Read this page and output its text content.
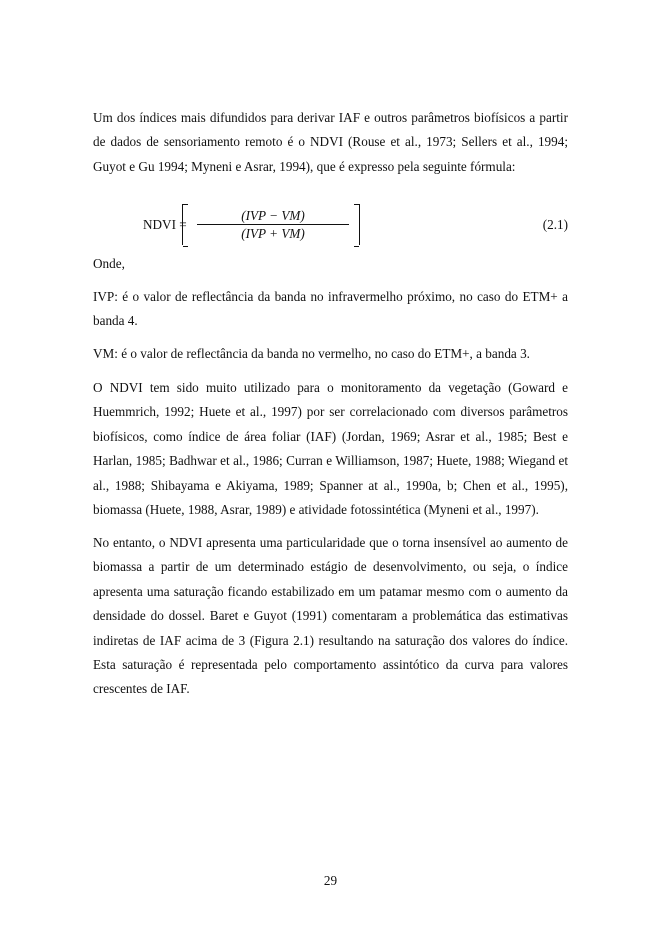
Um dos índices mais difundidos para derivar IAF e outros parâmetros biofísicos a partir de dados de sensoriamento remoto é o NDVI (Rouse et al., 1973; Sellers et al., 1994; Guyot e Gu 1994; Myneni e Asrar, 1994), que é expresso pela seguinte fórmula:

NDVI =
(IVP − VM)
(IVP + VM)
(2.1)

Onde,

IVP: é o valor de reflectância da banda no infravermelho próximo, no caso do ETM+ a banda 4.

VM: é o valor de reflectância da banda no vermelho, no caso do ETM+, a banda 3.

O NDVI tem sido muito utilizado para o monitoramento da vegetação (Goward e Huemmrich, 1992; Huete et al., 1997) por ser correlacionado com diversos parâmetros biofísicos, como índice de área foliar (IAF) (Jordan, 1969; Asrar et al., 1985; Best e Harlan, 1985; Badhwar et al., 1986; Curran e Williamson, 1987; Huete, 1988; Wiegand et al., 1988; Shibayama e Akiyama, 1989; Spanner at al., 1990a, b; Chen et al., 1995), biomassa (Huete, 1988, Asrar, 1989) e atividade fotossintética (Myneni et al., 1997).

No entanto, o NDVI apresenta uma particularidade que o torna insensível ao aumento de biomassa a partir de um determinado estágio de desenvolvimento, ou seja, o índice apresenta uma saturação ficando estabilizado em um patamar mesmo com o aumento da densidade do dossel. Baret e Guyot (1991) comentaram a problemática das estimativas indiretas de IAF acima de 3 (Figura 2.1) resultando na saturação dos valores do índice. Esta saturação é representada pelo comportamento assintótico da curva para valores crescentes de IAF.

29
